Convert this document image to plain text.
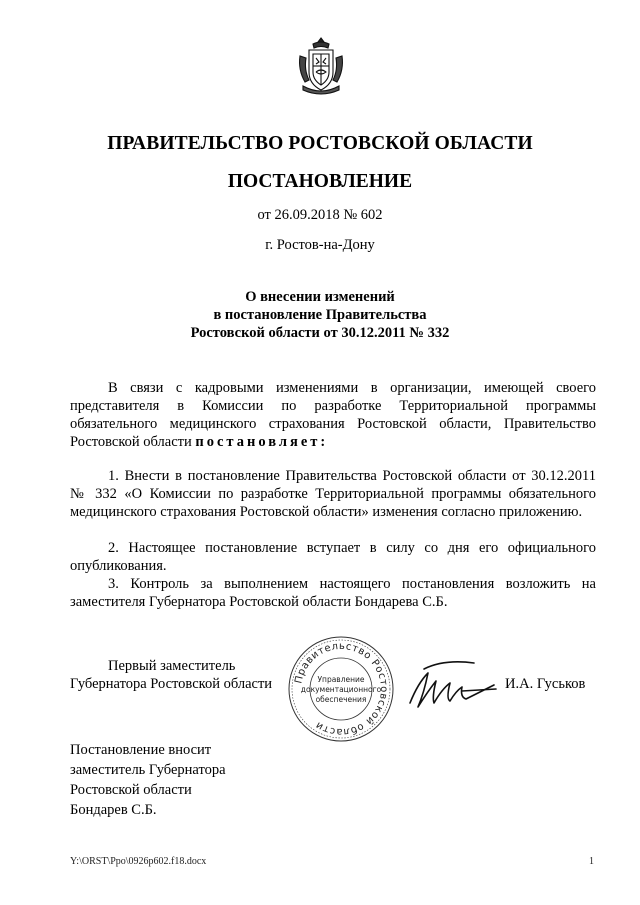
ПРАВИТЕЛЬСТВО РОСТОВСКОЙ ОБЛАСТИ
ПОСТАНОВЛЕНИЕ
от 26.09.2018 № 602
г. Ростов-на-Дону
О внесении изменений
в постановление Правительства
Ростовской области от 30.12.2011 № 332
В связи с кадровыми изменениями в организации, имеющей своего представителя в Комиссии по разработке Территориальной программы обязательного медицинского страхования Ростовской области, Правительство Ростовской области постановляет:
1. Внести в постановление Правительства Ростовской области от 30.12.2011 № 332 «О Комиссии по разработке Территориальной программы обязательного медицинского страхования Ростовской области» изменения согласно приложению.
2. Настоящее постановление вступает в силу со дня его официального опубликования.
3. Контроль за выполнением настоящего постановления возложить на заместителя Губернатора Ростовской области Бондарева С.Б.
Первый заместитель
Губернатора Ростовской области Правительство Ростовской области
Управление
документационного
обеспечения
И.А. Гуськов
Постановление вносит
заместитель Губернатора
Ростовской области
Бондарев С.Б.
Y:\ORST\Ppo\0926p602.f18.docx	1
